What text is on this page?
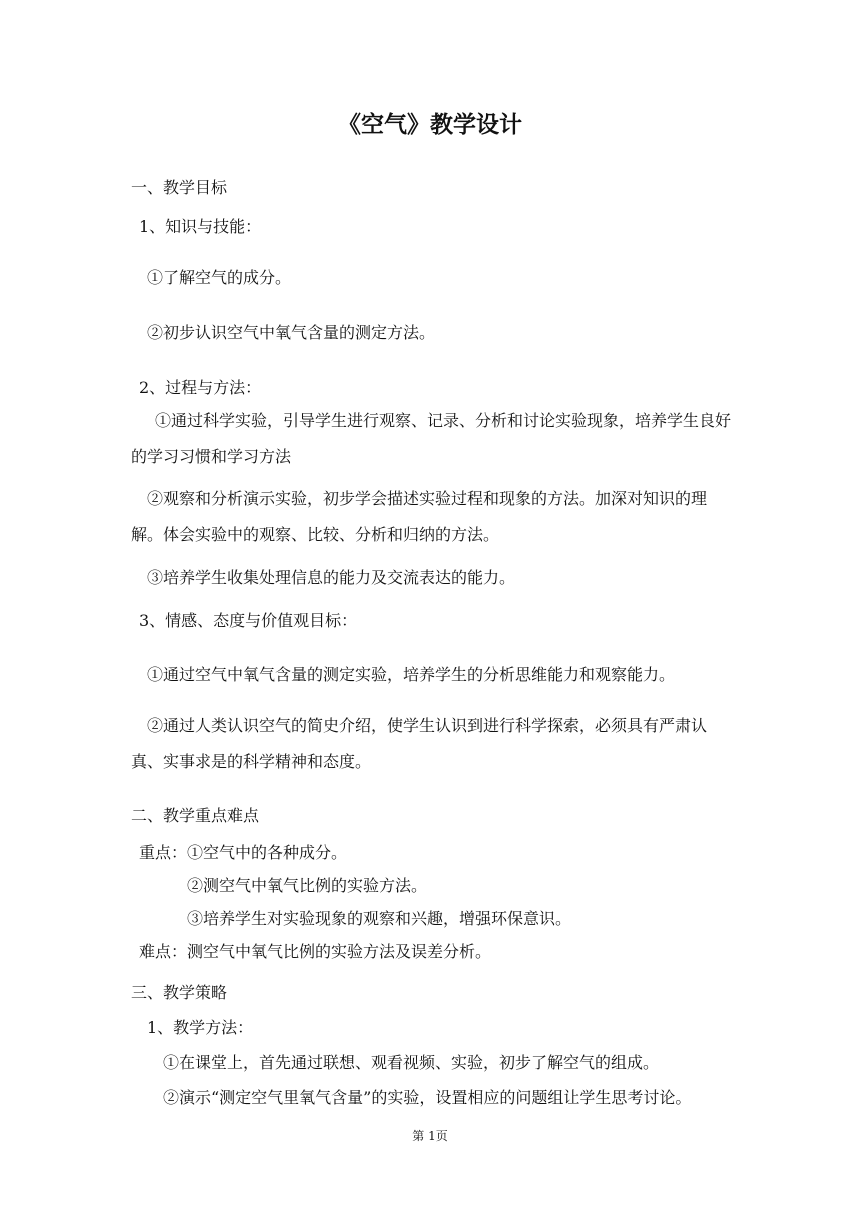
《空气》教学设计
一、教学目标
1、知识与技能：
①了解空气的成分。
②初步认识空气中氧气含量的测定方法。
2、过程与方法：
①通过科学实验，引导学生进行观察、记录、分析和讨论实验现象，培养学生良好的学习习惯和学习方法
②观察和分析演示实验，初步学会描述实验过程和现象的方法。加深对知识的理解。体会实验中的观察、比较、分析和归纳的方法。
③培养学生收集处理信息的能力及交流表达的能力。
3、情感、态度与价值观目标：
①通过空气中氧气含量的测定实验，培养学生的分析思维能力和观察能力。
②通过人类认识空气的简史介绍，使学生认识到进行科学探索，必须具有严肃认真、实事求是的科学精神和态度。
二、教学重点难点
重点： ①空气中的各种成分。
②测空气中氧气比例的实验方法。
③培养学生对实验现象的观察和兴趣，增强环保意识。
难点：测空气中氧气比例的实验方法及误差分析。
三、教学策略
1、教学方法：
①在课堂上，首先通过联想、观看视频、实验，初步了解空气的组成。
②演示“测定空气里氧气含量”的实验，设置相应的问题组让学生思考讨论。
第 1页
